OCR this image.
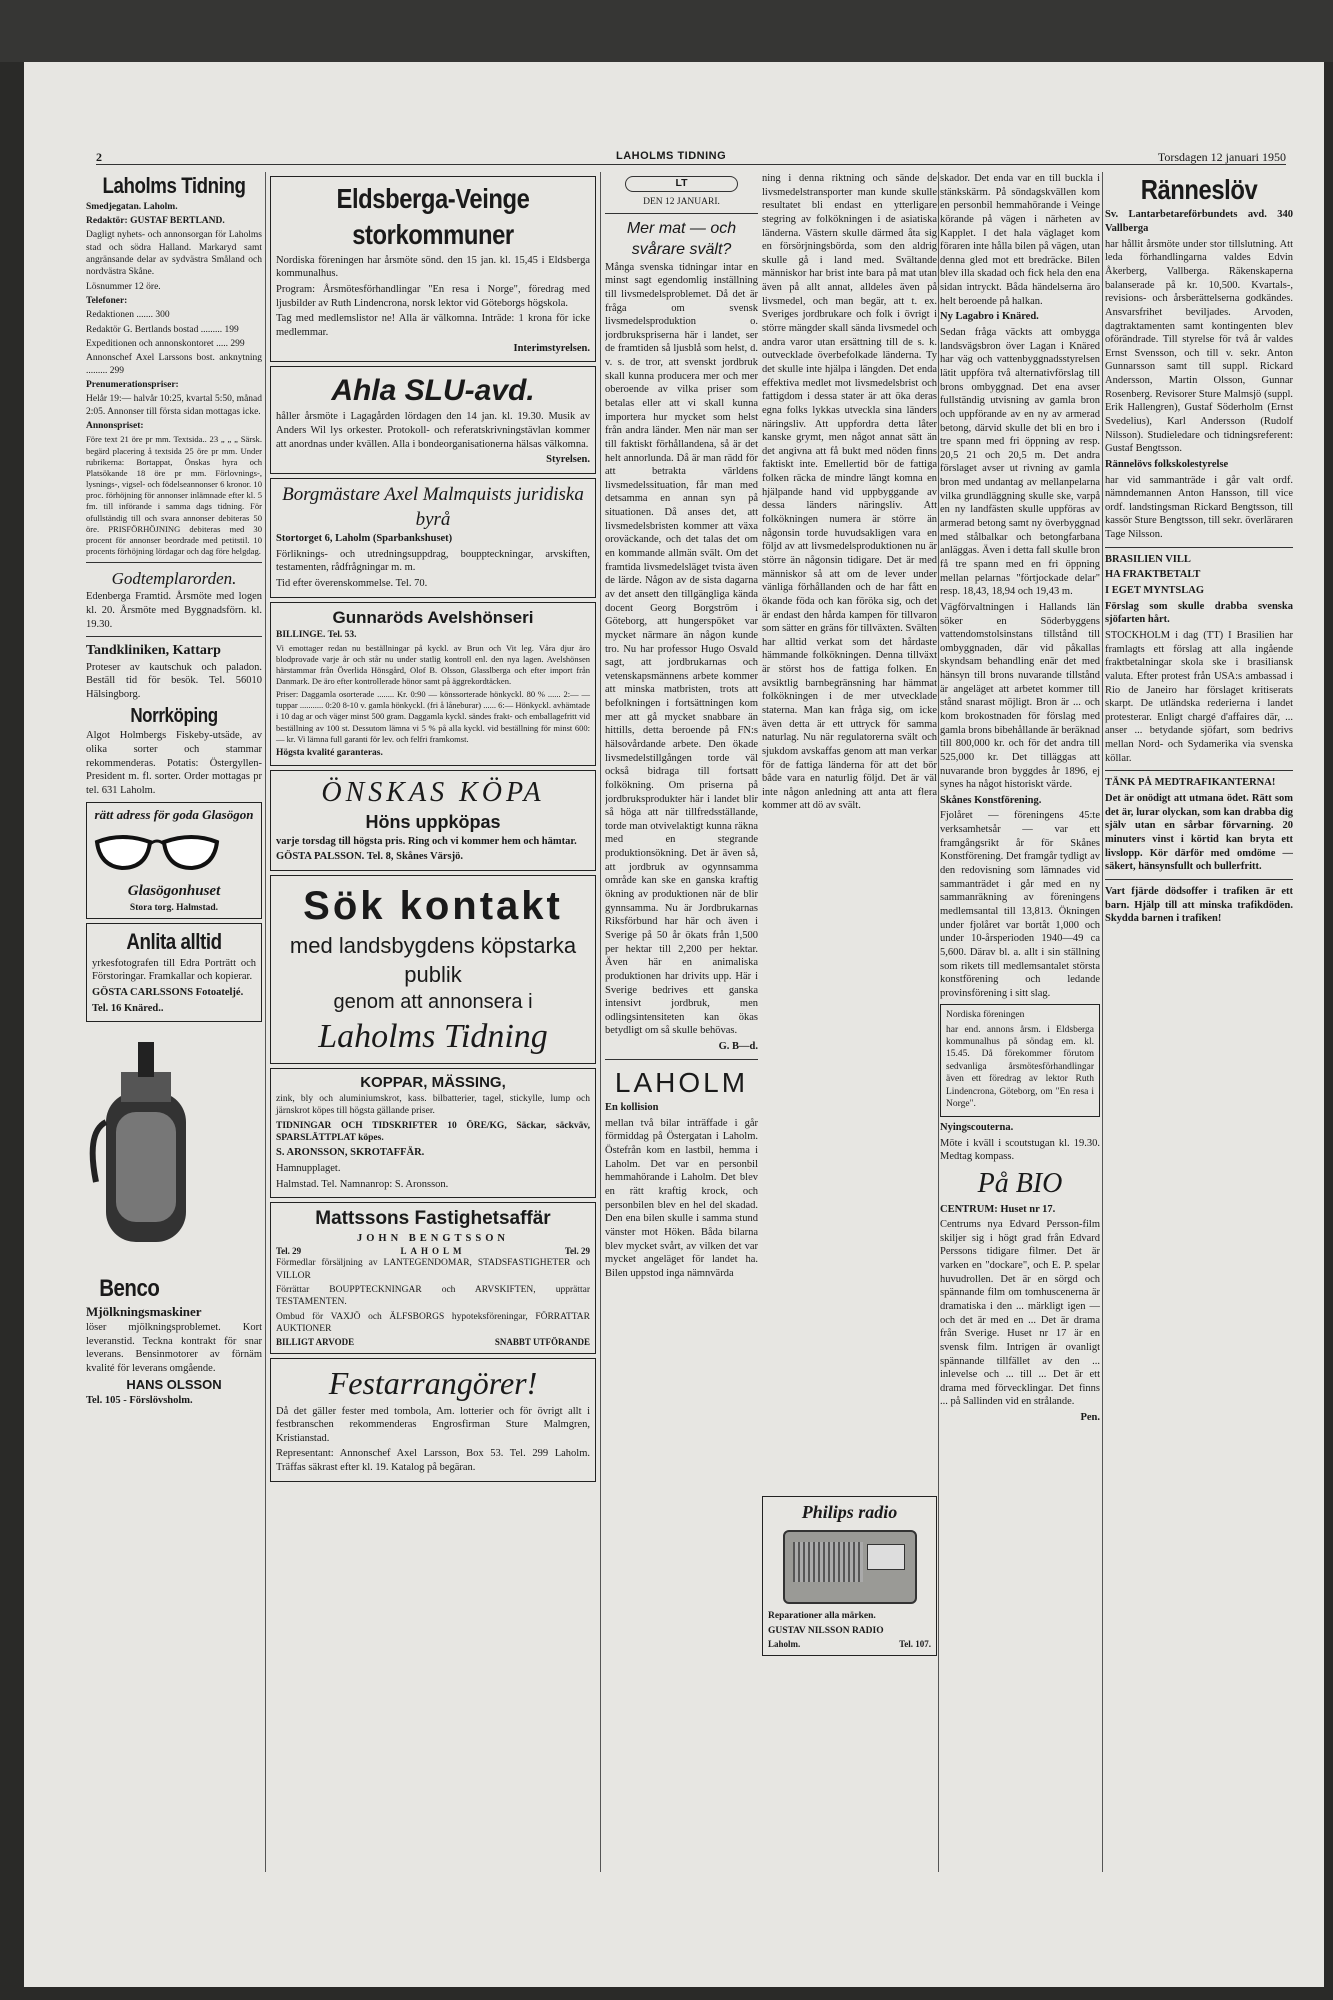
2	LAHOLMS TIDNING	Torsdagen 12 januari 1950
Laholms Tidning

Smedjegatan. Laholm.

Redaktör: GUSTAF BERTLAND.

Dagligt nyhets- och annonsorgan för Laholms stad och södra Halland. Markaryd samt angränsande delar av sydvästra Småland och nordvästra Skåne.

Lösnummer 12 öre.

Telefoner:

Redaktionen ....... 300

Redaktör G. Bertlands bostad ......... 199

Expeditionen och annonskontoret ..... 299

Annonschef Axel Larssons bost. anknytning ......... 299

Prenumerationspriser:

Helår 19:— halvår 10:25, kvartal 5:50, månad 2:05. Annonser till första sidan mottagas icke.

Annonspriset:

Före text 21 öre pr mm. Textsida.. 23 „ „ „ Särsk. begärd placering å textsida 25 öre pr mm. Under rubrikerna: Bortappat, Önskas hyra och Platsökande 18 öre pr mm. Förlovnings-, lysnings-, vigsel- och födelseannonser 6 kronor. 10 proc. förhöjning för annonser inlämnade efter kl. 5 fm. till införande i samma dags tidning. För ofullständig till och svara annonser debiteras 50 öre. PRISFÖRHÖJNING debiteras med 30 procent för annonser beordrade med petitstil. 10 procents förhöjning lördagar och dag före helgdag.

Godtemplarorden.

Edenberga Framtid. Årsmöte med logen kl. 20. Årsmöte med Byggnadsförn. kl. 19.30.

Tandkliniken, Kattarp

Proteser av kautschuk och paladon. Beställ tid för besök. Tel. 56010 Hälsingborg.

Norrköping

Algot Holmbergs Fiskeby-utsäde, av olika sorter och stammar rekommenderas. Potatis: Östergyllen-President m. fl. sorter. Order mottagas pr tel. 631 Laholm.

rätt adress för goda Glasögon
Glasögonhuset
Stora torg. Halmstad.
Anlita alltid

yrkesfotografen till Edra Porträtt och Förstoringar. Framkallar och kopierar.

GÖSTA CARLSSONS Fotoateljé.

Tel. 16 Knäred..

Benco
Mjölkningsmaskiner

löser mjölkningsproblemet. Kort leveranstid. Teckna kontrakt för snar leverans. Bensinmotorer av förnäm kvalité för leverans omgående.

HANS OLSSON

Tel. 105 - Förslövsholm.

Eldsberga-Veinge storkommuner

Nordiska föreningen har årsmöte sönd. den 15 jan. kl. 15,45 i Eldsberga kommunalhus.

Program: Årsmötesförhandlingar "En resa i Norge", föredrag med ljusbilder av Ruth Lindencrona, norsk lektor vid Göteborgs högskola.

Tag med medlemslistor ne! Alla är välkomna. Inträde: 1 krona för icke medlemmar.

Interimstyrelsen.

Ahla SLU-avd.

håller årsmöte i Lagagården lördagen den 14 jan. kl. 19.30. Musik av Anders Wil lys orkester. Protokoll- och referatskrivningstävlan kommer att anordnas under kvällen. Alla i bondeorganisationerna hälsas välkomna.

Styrelsen.

Borgmästare Axel Malmquists juridiska byrå

Stortorget 6, Laholm (Sparbankshuset)

Förliknings- och utredningsuppdrag, bouppteckningar, arvskiften, testamenten, rådfrågningar m. m.

Tid efter överenskommelse. Tel. 70.

Gunnaröds Avelshönseri

BILLINGE. Tel. 53.

Vi emottager redan nu beställningar på kyckl. av Brun och Vit leg. Våra djur äro blodprovade varje år och står nu under statlig kontroll enl. den nya lagen. Avelshönsen härstammar från Överlida Hönsgård, Olof B. Olsson, Glasslberga och efter import från Danmark. De äro efter kontrollerade hönor samt på äggrekordtäcken.

Priser: Daggamla osorterade ........ Kr. 0:90 — könssorterade hönkyckl. 80 % ...... 2:— — tuppar ........... 0:20 8-10 v. gamla hönkyckl. (fri å låneburar) ...... 6:— Hönkyckl. avhämtade i 10 dag ar och väger minst 500 gram. Daggamla kyckl. sändes frakt- och emballagefritt vid beställning av 100 st. Dessutom lämna vi 5 % på alla kyckl. vid beställning för minst 600:— kr. Vi lämna full garanti för lev. och felfri framkomst.

Högsta kvalité garanteras.

ÖNSKAS KÖPA
Höns uppköpas

varje torsdag till högsta pris. Ring och vi kommer hem och hämtar.

GÖSTA PALSSON. Tel. 8, Skånes Värsjö.

Sök kontakt
med landsbygdens köpstarka publik
genom att annonsera i
Laholms Tidning
KOPPAR, MÄSSING,

zink, bly och aluminiumskrot, kass. bilbatterier, tagel, stickylle, lump och järnskrot köpes till högsta gällande priser.

TIDNINGAR OCH TIDSKRIFTER 10 ÖRE/KG, Säckar, säckväv, SPARSLÄTTPLAT köpes.

S. ARONSSON, SKROTAFFÄR.

Hamnupplaget.

Halmstad. Tel. Namnanrop: S. Aronsson.

Mattssons Fastighetsaffär
JOHN BENGTSSON
Tel. 29	LAHOLM	Tel. 29

Förmedlar försäljning av LANTEGENDOMAR, STADSFASTIGHETER och VILLOR

Förrättar BOUPPTECKNINGAR och ARVSKIFTEN, upprättar TESTAMENTEN.

Ombud för VAXJÖ och ÄLFSBORGS hypoteksföreningar, FÖRRATTAR AUKTIONER

BILLIGT ARVODE	SNABBT UTFÖRANDE
Festarrangörer!

Då det gäller fester med tombola, Am. lotterier och för övrigt allt i festbranschen rekommenderas Engrosfirman Sture Malmgren, Kristianstad.

Representant: Annonschef Axel Larsson, Box 53. Tel. 299 Laholm. Träffas säkrast efter kl. 19. Katalog på begäran.

LT
DEN 12 JANUARI.
Mer mat — och svårare svält?

Många svenska tidningar intar en minst sagt egendomlig inställning till livsmedelsproblemet. Då det är fråga om svensk livsmedelsproduktion o. jordbrukspriserna här i landet, ser de framtiden så ljusblå som helst, d. v. s. de tror, att svenskt jordbruk skall kunna producera mer och mer oberoende av vilka priser som betalas eller att vi skall kunna importera hur mycket som helst från andra länder. Men när man ser till faktiskt förhållandena, så är det helt annorlunda. Då är man rädd för att betrakta världens livsmedelssituation, får man med detsamma en annan syn på situationen. Då anses det, att livsmedelsbristen kommer att växa oroväckande, och det talas det om en kommande allmän svält. Om det framtida livsmedelsläget tvista även de lärde. Någon av de sista dagarna av det ansett den tillgängliga kända docent Georg Borgström i Göteborg, att hungerspöket var mycket närmare än någon kunde tro. Nu har professor Hugo Osvald sagt, att jordbrukarnas och vetenskapsmännens arbete kommer att minska matbristen, trots att befolkningen i fortsättningen kom mer att gå mycket snabbare än hittills, detta beroende på FN:s hälsovårdande arbete. Den ökade livsmedelstillgången torde väl också bidraga till fortsatt folkökning. Om priserna på jordbruksprodukter här i landet blir så höga att när tillfredsställande, torde man otvivelaktigt kunna räkna med en stegrande produktionsökning. Det är även så, att jordbruk av ogynnsamma område kan ske en ganska kraftig ökning av produktionen när de blir gynnsamma. Nu är Jordbrukarnas Riksförbund har här och även i Sverige på 50 år ökats från 1,500 per hektar till 2,200 per hektar. Även här en animaliska produktionen har drivits upp. Här i Sverige bedrives ett ganska intensivt jordbruk, men odlingsintensiteten kan ökas betydligt om så skulle behövas.

G. B—d.

LAHOLM

En kollision

mellan två bilar inträffade i går förmiddag på Östergatan i Laholm. Östefrån kom en lastbil, hemma i Laholm. Det var en personbil hemmahörande i Laholm. Det blev en rätt kraftig krock, och personbilen blev en hel del skadad. Den ena bilen skulle i samma stund vänster mot Höken. Båda bilarna blev mycket svårt, av vilken det var mycket angeläget för landet ha. Bilen uppstod inga nämnvärda

ning i denna riktning och sände de livsmedelstransporter man kunde skulle resultatet bli endast en ytterligare stegring av folkökningen i de asiatiska länderna. Västern skulle därmed åta sig en försörjningsbörda, som den aldrig skulle gå i land med. Svältande människor har brist inte bara på mat utan även på allt annat, alldeles även på livsmedel, och man begär, att t. ex. Sveriges jordbrukare och folk i övrigt i större mängder skall sända livsmedel och andra varor utan ersättning till de s. k. outvecklade överbefolkade länderna. Ty det skulle inte hjälpa i längden. Det enda effektiva medlet mot livsmedelsbrist och fattigdom i dessa stater är att öka deras egna folks lykkas utveckla sina länders näringsliv. Att uppfordra detta låter kanske grymt, men något annat sätt än det angivna att få bukt med nöden finns faktiskt inte. Emellertid bör de fattiga folken räcka de mindre längt komna en hjälpande hand vid uppbyggande av dessa länders näringsliv. Att folkökningen numera är större än någonsin torde huvudsakligen vara en följd av att livsmedelsproduktionen nu är större än någonsin tidigare. Det är med människor så att om de lever under vänliga förhållanden och de har fått en ökande föda och kan föröka sig, och det är endast den hårda kampen för tillvaron som sätter en gräns för tillväxten. Svälten har alltid verkat som det hårdaste hämmande folkökningen. Denna tillväxt är störst hos de fattiga folken. En avsiktlig barnbegränsning har hämmat folkökningen i de mer utvecklade staterna. Man kan fråga sig, om icke även detta är ett uttryck för samma naturlag. Nu när regulatorerna svält och sjukdom avskaffas genom att man verkar för de fattiga länderna för att det bör både vara en naturlig följd. Det är väl inte någon anledning att anta att flera kommer att dö av svält.

Philips radio

Reparationer alla märken.

GUSTAV NILSSON RADIO

Laholm.	Tel. 107.

skador. Det enda var en till buckla i stänkskärm. På söndagskvällen kom en personbil hemmahörande i Veinge körande på vägen i närheten av Kapplet. I det hala väglaget kom föraren inte hålla bilen på vägen, utan denna gled mot ett bredräcke. Bilen blev illa skadad och fick hela den ena sidan intryckt. Båda händelserna äro helt beroende på halkan.

Ny Lagabro i Knäred.

Sedan fråga väckts att ombygga landsvägsbron över Lagan i Knäred har väg och vattenbyggnadsstyrelsen lätit uppföra två alternativförslag till brons ombyggnad. Det ena avser fullständig utvisning av gamla bron och uppförande av en ny av armerad betong, därvid skulle det bli en bro i tre spann med fri öppning av resp. 20,5 21 och 20,5 m. Det andra förslaget avser ut rivning av gamla bron med undantag av mellanpelarna vilka grundläggning skulle ske, varpå en ny landfästen skulle uppföras av armerad betong samt ny överbyggnad med stålbalkar och betongfarbana anläggas. Även i detta fall skulle bron få tre spann med en fri öppning mellan pelarnas "förtjockade delar" resp. 18,43, 18,94 och 19,43 m.

Vägförvaltningen i Hallands län söker en Söderbyggens vattendomstolsinstans tillstånd till ombyggnaden, där vid påkallas skyndsam behandling enär det med hänsyn till brons nuvarande tillstånd är angeläget att arbetet kommer till stånd snarast möjligt. Bron är ... och kom brokostnaden för förslag med gamla brons bibehållande är beräknad till 800,000 kr. och för det andra till 525,000 kr. Det tilläggas att nuvarande bron byggdes år 1896, ej synes ha något historiskt värde.

Skånes Konstförening.

Fjolåret — föreningens 45:te verksamhetsår — var ett framgångsrikt år för Skånes Konstförening. Det framgår tydligt av den redovisning som lämnades vid sammanträdet i går med en ny sammanräkning av föreningens medlemsantal till 13,813. Ökningen under fjolåret var bortåt 1,000 och under 10-årsperioden 1940—49 ca 5,600. Därav bl. a. allt i sin ställning som rikets till medlemsantalet största konstförening och ledande provinsförening i sitt slag.

Nordiska föreningen

har end. annons årsm. i Eldsberga kommunalhus på söndag em. kl. 15.45. Då förekommer förutom sedvanliga årsmötesförhandlingar även ett föredrag av lektor Ruth Lindencrona, Göteborg, om "En resa i Norge".

Nyingscouterna.

Möte i kväll i scoutstugan kl. 19.30. Medtag kompass.

På BIO

CENTRUM: Huset nr 17.

Centrums nya Edvard Persson-film skiljer sig i högt grad från Edvard Perssons tidigare filmer. Det är varken en "dockare", och E. P. spelar huvudrollen. Det är en sörgd och spännande film om tomhuscenerna är dramatiska i den ... märkligt igen — och det är med en ... Det är drama från Sverige. Huset nr 17 är en svensk film. Intrigen är ovanligt spännande tillfället av den ... inlevelse och ... till ... Det är ett drama med förvecklingar. Det finns ... på Sallinden vid en strålande.

Pen.

Ränneslöv

Sv. Lantarbetareförbundets avd. 340 Vallberga

har hållit årsmöte under stor tillslutning. Att leda förhandlingarna valdes Edvin Åkerberg, Vallberga. Räkenskaperna balanserade på kr. 10,500. Kvartals-, revisions- och årsberättelserna godkändes. Ansvarsfrihet beviljades. Arvoden, dagtraktamenten samt kontingenten blev oförändrade. Till styrelse för två år valdes Ernst Svensson, och till v. sekr. Anton Gunnarsson samt till suppl. Rickard Andersson, Martin Olsson, Gunnar Rosenberg. Revisorer Sture Malmsjö (suppl. Erik Hallengren), Gustaf Söderholm (Ernst Svedelius), Karl Andersson (Rudolf Nilsson). Studieledare och tidningsreferent: Gustaf Bengtsson.

Rännelövs folkskolestyrelse

har vid sammanträde i går valt ordf. nämndemannen Anton Hansson, till vice ordf. landstingsman Rickard Bengtsson, till kassör Sture Bengtsson, till sekr. överläraren Tage Nilsson.

BRASILIEN VILL

HA FRAKTBETALT

I EGET MYNTSLAG

Förslag som skulle drabba svenska sjöfarten hårt.

STOCKHOLM i dag (TT) I Brasilien har framlagts ett förslag att alla ingående fraktbetalningar skola ske i brasiliansk valuta. Efter protest från USA:s ambassad i Rio de Janeiro har förslaget kritiserats skarpt. De utländska rederierna i landet protesterar. Enligt chargé d'affaires där, ... anser ... betydande sjöfart, som bedrivs mellan Nord- och Sydamerika via svenska köllar.

TÄNK PÅ MEDTRAFIKANTERNA!

Det är onödigt att utmana ödet. Rätt som det är, lurar olyckan, som kan drabba dig själv utan en sårbar förvarning. 20 minuters vinst i körtid kan bryta ett livslopp. Kör därför med omdöme — säkert, hänsynsfullt och bullerfritt.

Vart fjärde dödsoffer i trafiken är ett barn. Hjälp till att minska trafikdöden. Skydda barnen i trafiken!
